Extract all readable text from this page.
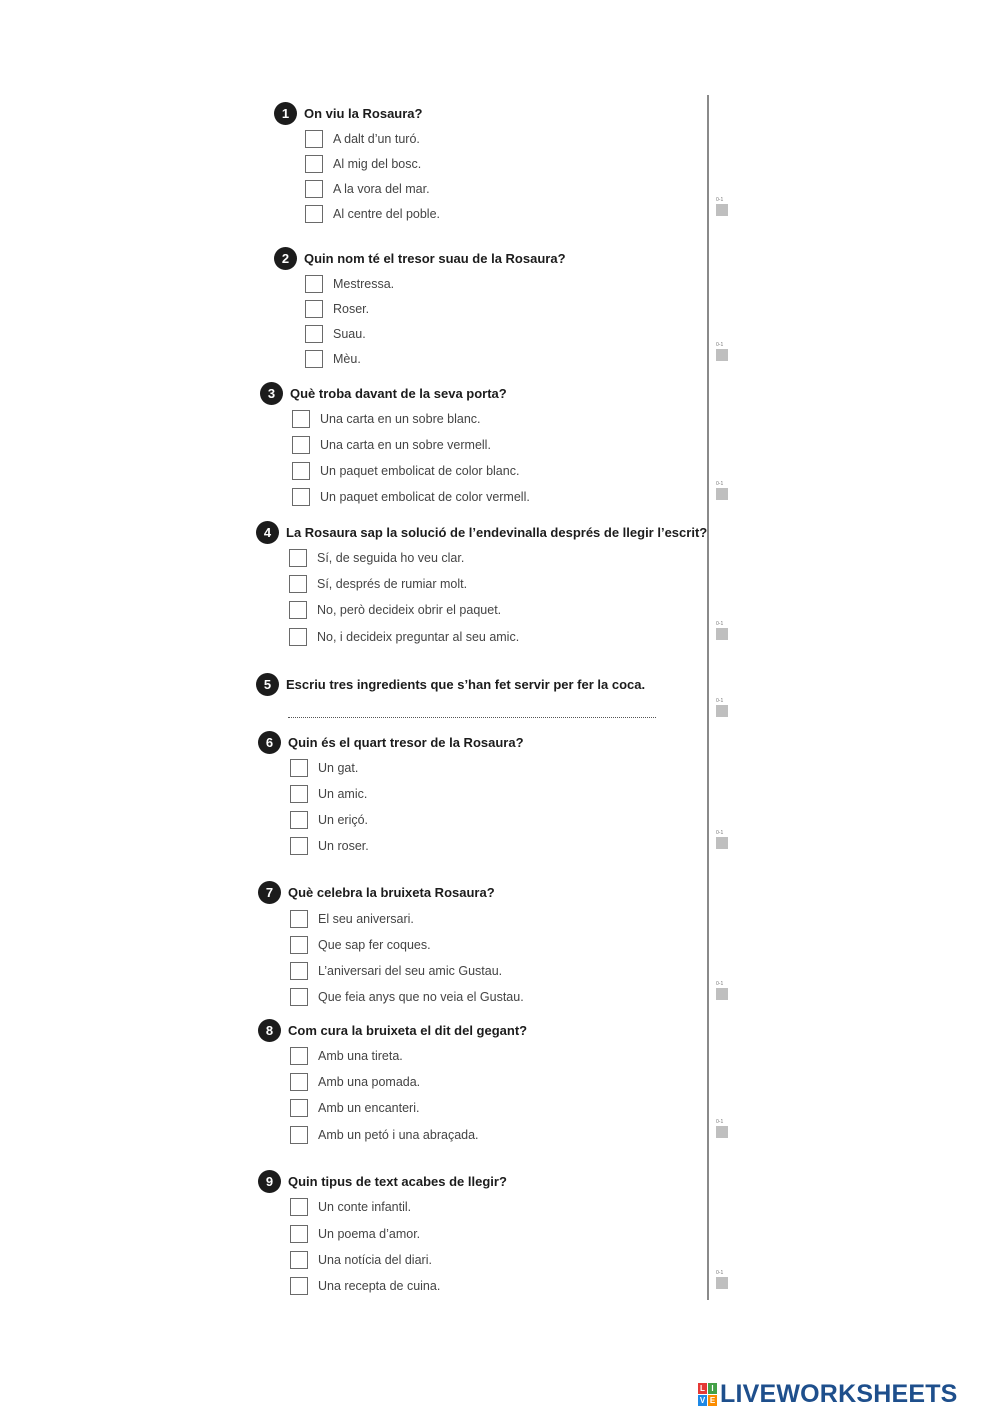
1	On viu la Rosaura?
A dalt d’un turó.
Al mig del bosc.
A la vora del mar.
Al centre del poble.
0-1
2	Quin nom té el tresor suau de la Rosaura?
Mestressa.
Roser.
Suau.
Mèu.
0-1
3	Què troba davant de la seva porta?
Una carta en un sobre blanc.
Una carta en un sobre vermell.
Un paquet embolicat de color blanc.
Un paquet embolicat de color vermell.
0-1
4	La Rosaura sap la solució de l’endevinalla després de llegir l’escrit?
Sí, de seguida ho veu clar.
Sí, després de rumiar molt.
No, però decideix obrir el paquet.
No, i decideix preguntar al seu amic.
0-1
5	Escriu tres ingredients que s’han fet servir per fer la coca.
0-1
6	Quin és el quart tresor de la Rosaura?
Un gat.
Un amic.
Un eriçó.
Un roser.
0-1
7	Què celebra la bruixeta Rosaura?
El seu aniversari.
Que sap fer coques.
L’aniversari del seu amic Gustau.
Que feia anys que no veia el Gustau.
0-1
8	Com cura la bruixeta el dit del gegant?
Amb una tireta.
Amb una pomada.
Amb un encanteri.
Amb un petó i una abraçada.
0-1
9	Quin tipus de text acabes de llegir?
Un conte infantil.
Un poema d’amor.
Una notícia del diari.
Una recepta de cuina.
0-1
L I
V E LIVEWORKSHEETS
